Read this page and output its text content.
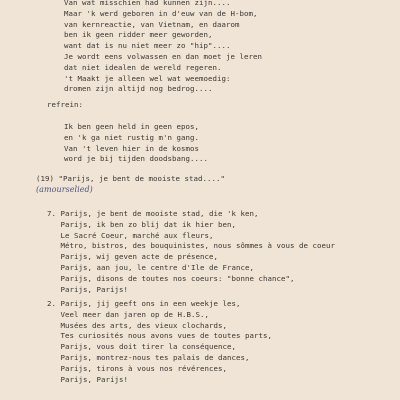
Van wat misschien had kunnen zijn....
Maar 'k werd geboren in d'euw van de H-bom,
van kernreactie, van Vietnam, en daarom
ben ik geen ridder meer geworden,
want dat is nu niet meer zo "hip"....
Je wordt eens volwassen en dan moet je leren
dat niet idealen de wereld regeren.
't Maakt je alleen wel wat weemoedig:
dromen zijn altijd nog bedrog....
refrein:
Ik ben geen held in geen epos,
en 'k ga niet rustig m'n gang.
Van 't leven hier in de kosmos
word je bij tijden doodsbang....
(19) "Parijs, je bent de mooiste stad...."
(amourselied)
7. Parijs, je bent de mooiste stad, die 'k ken,
Parijs, ik ben zo blij dat ik hier ben,
Le Sacré Coeur, marché aux fleurs,
Métro, bistros, des bouquinistes, nous sômmes à vous de coeur
Parijs, wij geven acte de présence,
Parijs, aan jou, le centre d'Ile de France,
Parijs, disons de toutes nos coeurs: "bonne chance",
Parijs, Parijs!
2. Parijs, jij geeft ons in een weekje les,
Veel meer dan jaren op de H.B.S.,
Musées des arts, des vieux clochards,
Tes curiosités nous avons vues de toutes parts,
Parijs, vous doit tirer la conséquence,
Parijs, montrez-nous tes palais de dances,
Parijs, tirons à vous nos révérences,
Parijs, Parijs!
